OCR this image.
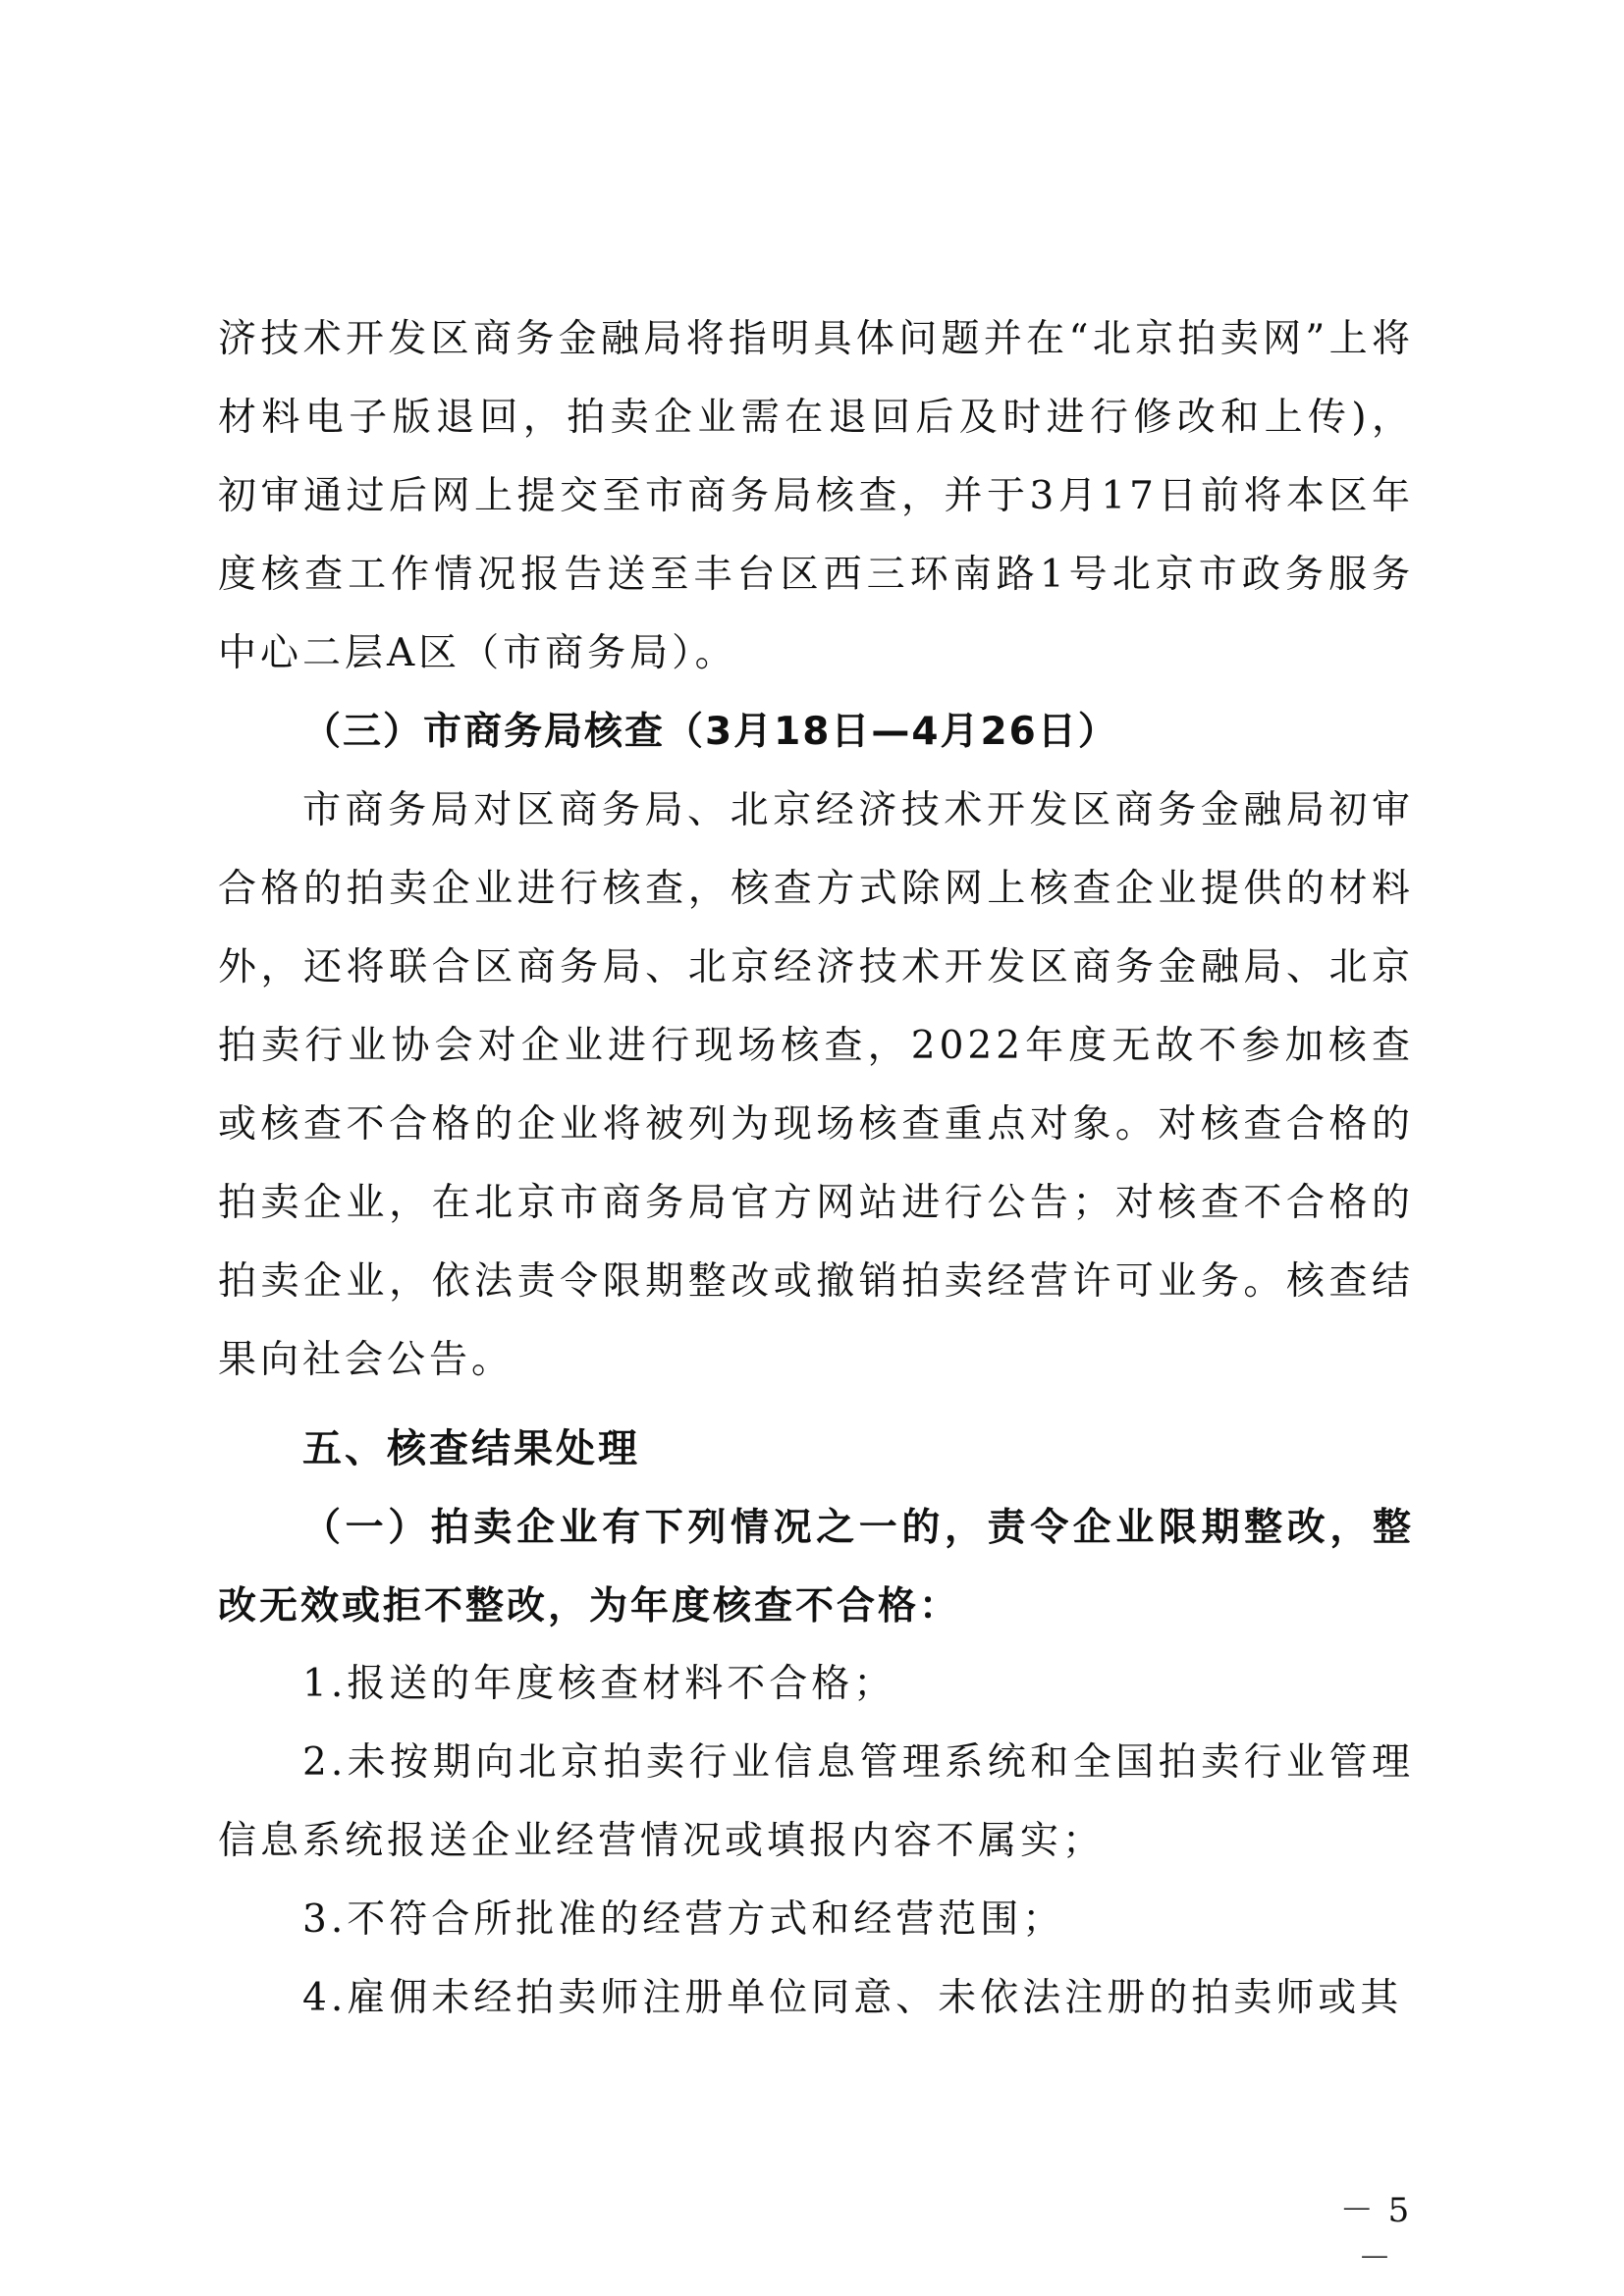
济技术开发区商务金融局将指明具体问题并在“北京拍卖网”上将材料电子版退回，拍卖企业需在退回后及时进行修改和上传)，初审通过后网上提交至市商务局核查，并于3月17日前将本区年度核查工作情况报告送至丰台区西三环南路1号北京市政务服务中心二层A区（市商务局）。

（三）市商务局核查（3月18日—4月26日）

市商务局对区商务局、北京经济技术开发区商务金融局初审合格的拍卖企业进行核查，核查方式除网上核查企业提供的材料外，还将联合区商务局、北京经济技术开发区商务金融局、北京拍卖行业协会对企业进行现场核查，2022年度无故不参加核查或核查不合格的企业将被列为现场核查重点对象。对核查合格的拍卖企业，在北京市商务局官方网站进行公告；对核查不合格的拍卖企业，依法责令限期整改或撤销拍卖经营许可业务。核查结果向社会公告。

五、核查结果处理

（一）拍卖企业有下列情况之一的，责令企业限期整改，整改无效或拒不整改，为年度核查不合格：

1.报送的年度核查材料不合格；

2.未按期向北京拍卖行业信息管理系统和全国拍卖行业管理信息系统报送企业经营情况或填报内容不属实；

3.不符合所批准的经营方式和经营范围；

4.雇佣未经拍卖师注册单位同意、未依法注册的拍卖师或其

－ 5 －
